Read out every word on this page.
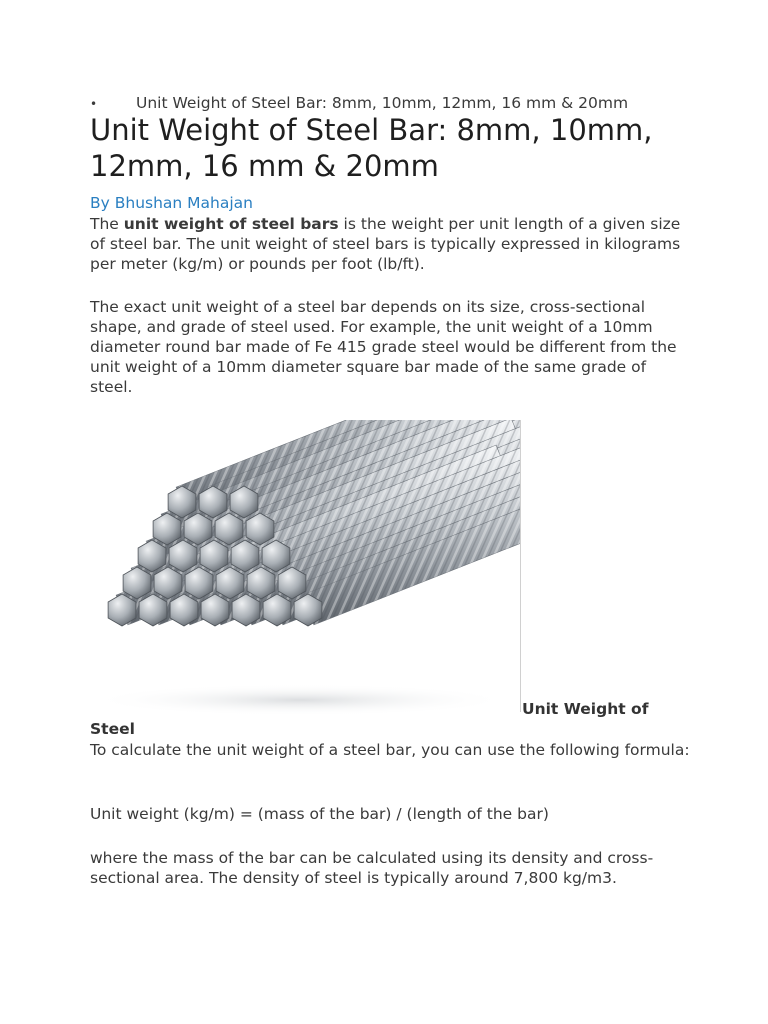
•	Unit Weight of Steel Bar: 8mm, 10mm, 12mm, 16 mm & 20mm
Unit Weight of Steel Bar: 8mm, 10mm, 12mm, 16 mm & 20mm
By Bhushan Mahajan

The unit weight of steel bars is the weight per unit length of a given size of steel bar. The unit weight of steel bars is typically expressed in kilograms per meter (kg/m) or pounds per foot (lb/ft).

The exact unit weight of a steel bar depends on its size, cross-sectional shape, and grade of steel used. For example, the unit weight of a 10mm diameter round bar made of Fe 415 grade steel would be different from the unit weight of a 10mm diameter square bar made of the same grade of steel.

Unit Weight of
Steel

To calculate the unit weight of a steel bar, you can use the following formula:

Unit weight (kg/m) = (mass of the bar) / (length of the bar)

where the mass of the bar can be calculated using its density and cross-sectional area. The density of steel is typically around 7,800 kg/m3.
